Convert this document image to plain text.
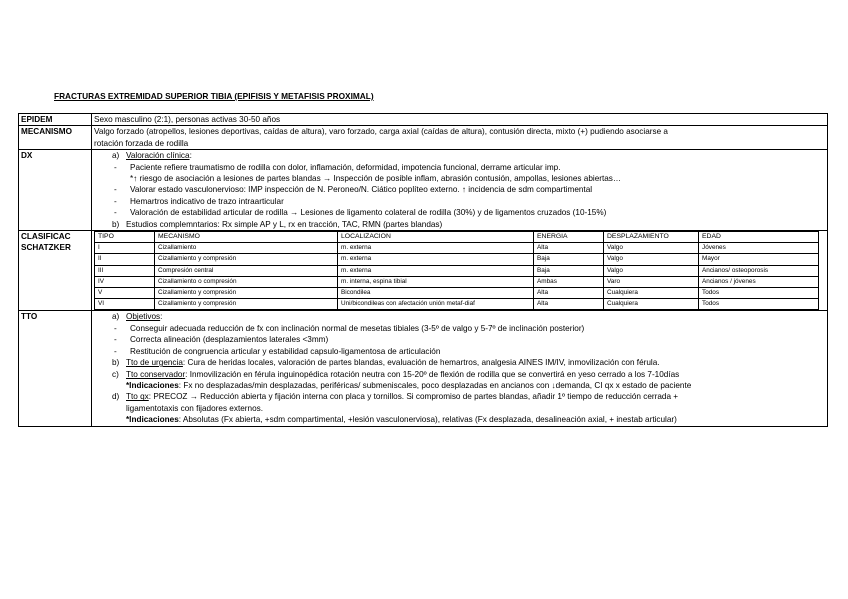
FRACTURAS EXTREMIDAD SUPERIOR TIBIA (EPIFISIS Y METAFISIS PROXIMAL)
EPIDEM	Sexo masculino (2:1), personas activas 30-50 años

MECANISMO	Valgo forzado (atropellos, lesiones deportivas, caídas de altura), varo forzado, carga axial (caídas de altura), contusión directa, mixto (+) pudiendo asociarse a
rotación forzada de rodilla

DX	a) Valoración clínica:
- Paciente refiere traumatismo de rodilla con dolor, inflamación, deformidad, impotencia funcional, derrame articular imp.
*↑ riesgo de asociación a lesiones de partes blandas → Inspección de posible inflam, abrasión contusión, ampollas, lesiones abiertas…
- Valorar estado vasculonervioso: IMP inspección de N. Peroneo/N. Ciático poplíteo externo. ↑ incidencia de sdm compartimental
- Hemartros indicativo de trazo intraarticular
- Valoración de estabilidad articular de rodilla → Lesiones de ligamento colateral de rodilla (30%) y de ligamentos cruzados (10-15%)
b) Estudios complemntarios: Rx simple AP y L, rx en tracción, TAC, RMN (partes blandas)

CLASIFICAC
SCHATZKER

TIPO	MECANISMO	LOCALIZACION	ENERGIA	DESPLAZAMIENTO	EDAD
I	Cizallamiento	m. externa	Alta	Valgo	Jóvenes
II	Cizallamiento y compresión	m. externa	Baja	Valgo	Mayor
III	Compresión central	m. externa	Baja	Valgo	Ancianos/ osteoporosis
IV	Cizallamiento o compresión	m. interna, espina tibial	Ambas	Varo	Ancianos / jóvenes
V	Cizallamiento y compresión	Bicondilea	Alta	Cualquiera	Todos
VI	Cizallamiento y compresión	Uni/bicondileas con afectación unión metaf-diaf	Alta	Cualquiera	Todos

TTO	a) Objetivos:
- Conseguir adecuada reducción de fx con inclinación normal de mesetas tibiales (3-5º de valgo y 5-7º de inclinación posterior)
- Correcta alineación (desplazamientos laterales <3mm)
- Restitución de congruencia articular y estabilidad capsulo-ligamentosa de articulación
b) Tto de urgencia: Cura de heridas locales, valoración de partes blandas, evaluación de hemartros, analgesia AINES IM/IV, inmovilización con férula.
c) Tto conservador: Inmovilización en férula inguinopédica rotación neutra con 15-20º de flexión de rodilla que se convertirá en yeso cerrado a los 7-10días
*Indicaciones: Fx no desplazadas/min desplazadas, periféricas/ submeniscales, poco desplazadas en ancianos con ↓demanda, CI qx x estado de paciente
d) Tto qx: PRECOZ → Reducción abierta y fijación interna con placa y tornillos. Si compromiso de partes blandas, añadir 1º tiempo de reducción cerrada +
ligamentotaxis con fijadores externos.
*Indicaciones: Absolutas (Fx abierta, +sdm compartimental, +lesión vasculonerviosa), relativas (Fx desplazada, desalineación axial, + inestab articular)
